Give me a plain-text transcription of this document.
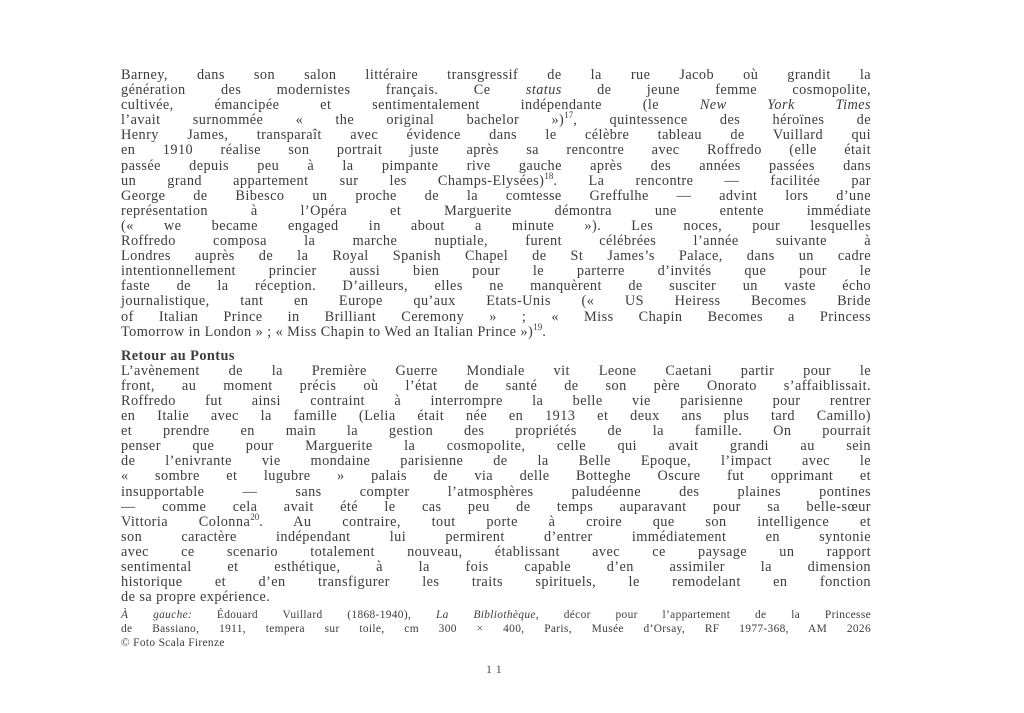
Barney, dans son salon littéraire transgressif de la rue Jacob où grandit la

génération des modernistes français. Ce status de jeune femme cosmopolite,

cultivée, émancipée et sentimentalement indépendante (le New York Times

l’avait surnommée « the original bachelor »)$^{17}$, quintessence des héroïnes de

Henry James, transparaît avec évidence dans le célèbre tableau de Vuillard qui

en 1910 réalise son portrait juste après sa rencontre avec Roffredo (elle était

passée depuis peu à la pimpante rive gauche après des années passées dans

un grand appartement sur les Champs-Elysées)$^{18}$. La rencontre — facilitée par

George de Bibesco un proche de la comtesse Greffulhe — advint lors d’une

représentation à l’Opéra et Marguerite démontra une entente immédiate

(« we became engaged in about a minute »). Les noces, pour lesquelles

Roffredo composa la marche nuptiale, furent célébrées l’année suivante à

Londres auprès de la Royal Spanish Chapel de St James’s Palace, dans un cadre

intentionnellement princier aussi bien pour le parterre d’invités que pour le

faste de la réception. D’ailleurs, elles ne manquèrent de susciter un vaste écho

journalistique, tant en Europe qu’aux Etats-Unis (« US Heiress Becomes Bride

of Italian Prince in Brilliant Ceremony » ; « Miss Chapin Becomes a Princess

Tomorrow in London » ; « Miss Chapin to Wed an Italian Prince »)$^{19}$.

Retour au Pontus

L’avènement de la Première Guerre Mondiale vit Leone Caetani partir pour le

front, au moment précis où l’état de santé de son père Onorato s’affaiblissait.

Roffredo fut ainsi contraint à interrompre la belle vie parisienne pour rentrer

en Italie avec la famille (Lelia était née en 1913 et deux ans plus tard Camillo)

et prendre en main la gestion des propriétés de la famille. On pourrait

penser que pour Marguerite la cosmopolite, celle qui avait grandi au sein

de l’enivrante vie mondaine parisienne de la Belle Epoque, l’impact avec le

« sombre et lugubre » palais de via delle Botteghe Oscure fut opprimant et

insupportable — sans compter l’atmosphères paludéenne des plaines pontines

— comme cela avait été le cas peu de temps auparavant pour sa belle-sœur

Vittoria Colonna$^{20}$. Au contraire, tout porte à croire que son intelligence et

son caractère indépendant lui permirent d’entrer immédiatement en syntonie

avec ce scenario totalement nouveau, établissant avec ce paysage un rapport

sentimental et esthétique, à la fois capable d’en assimiler la dimension

historique et d’en transfigurer les traits spirituels, le remodelant en fonction

de sa propre expérience.

À gauche: Édouard Vuillard (1868-1940), La Bibliothèque, décor pour l’appartement de la Princesse

de Bassiano, 1911, tempera sur toile, cm 300 × 400, Paris, Musée d’Orsay, RF 1977-368, AM 2026

© Foto Scala Firenze

11
